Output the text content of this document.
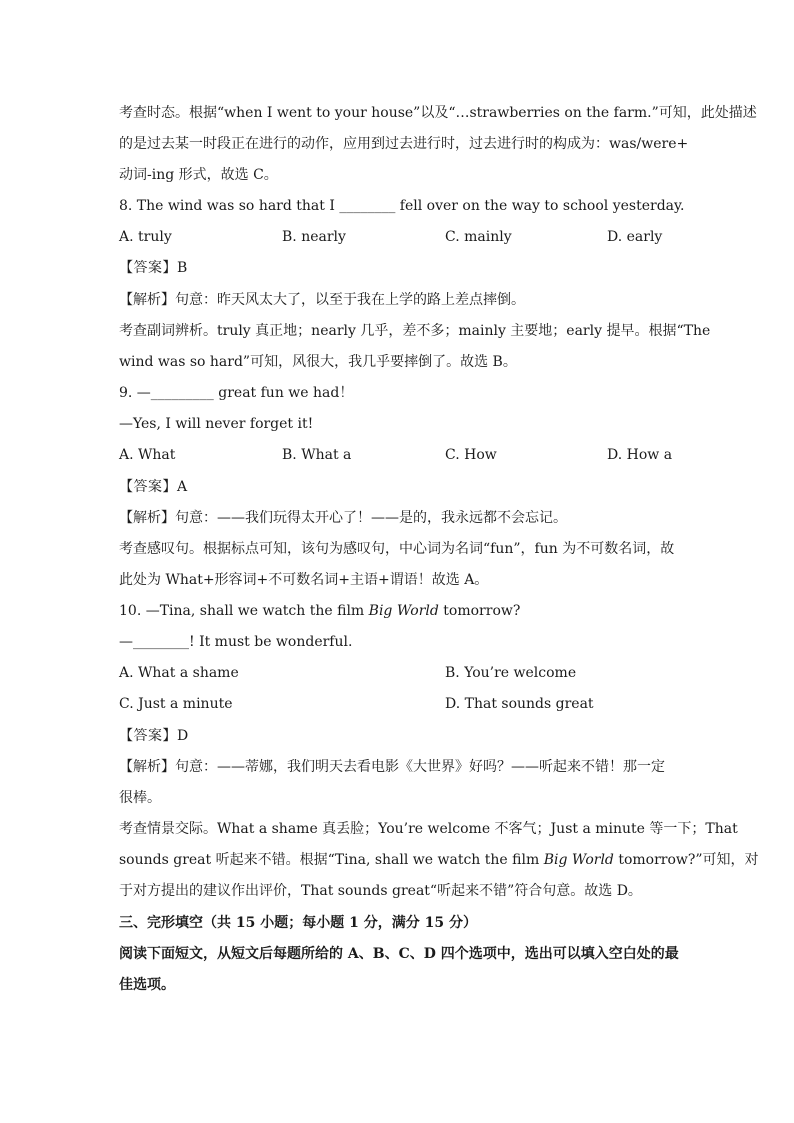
考查时态。根据“when I went to your house”以及“…strawberries on the farm.”可知，此处描述
的是过去某一时段正在进行的动作，应用到过去进行时，过去进行时的构成为：was/were+
动词-ing 形式，故选 C。
8. The wind was so hard that I ________ fell over on the way to school yesterday.
A. truly	B. nearly	C. mainly	D. early
【答案】B
【解析】句意：昨天风太大了，以至于我在上学的路上差点摔倒。
考查副词辨析。truly 真正地；nearly 几乎，差不多；mainly 主要地；early 提早。根据“The
wind was so hard”可知，风很大，我几乎要摔倒了。故选 B。
9. —_________ great fun we had！
—Yes, I will never forget it!
A. What	B. What a	C. How	D. How a
【答案】A
【解析】句意：——我们玩得太开心了！——是的，我永远都不会忘记。
考查感叹句。根据标点可知，该句为感叹句，中心词为名词“fun”，fun 为不可数名词，故
此处为 What+形容词+不可数名词+主语+谓语！故选 A。
10. —Tina, shall we watch the film Big World tomorrow?
—________! It must be wonderful.
A. What a shame	B. You’re welcome
C. Just a minute	D. That sounds great
【答案】D
【解析】句意：——蒂娜，我们明天去看电影《大世界》好吗？——听起来不错！那一定
很棒。
考查情景交际。What a shame 真丢脸；You’re welcome 不客气；Just a minute 等一下；That
sounds great 听起来不错。根据“Tina, shall we watch the film Big World tomorrow?”可知，对
于对方提出的建议作出评价，That sounds great“听起来不错”符合句意。故选 D。
三、完形填空（共 15 小题；每小题 1 分，满分 15 分）
阅读下面短文，从短文后每题所给的 A、B、C、D 四个选项中，选出可以填入空白处的最
佳选项。
